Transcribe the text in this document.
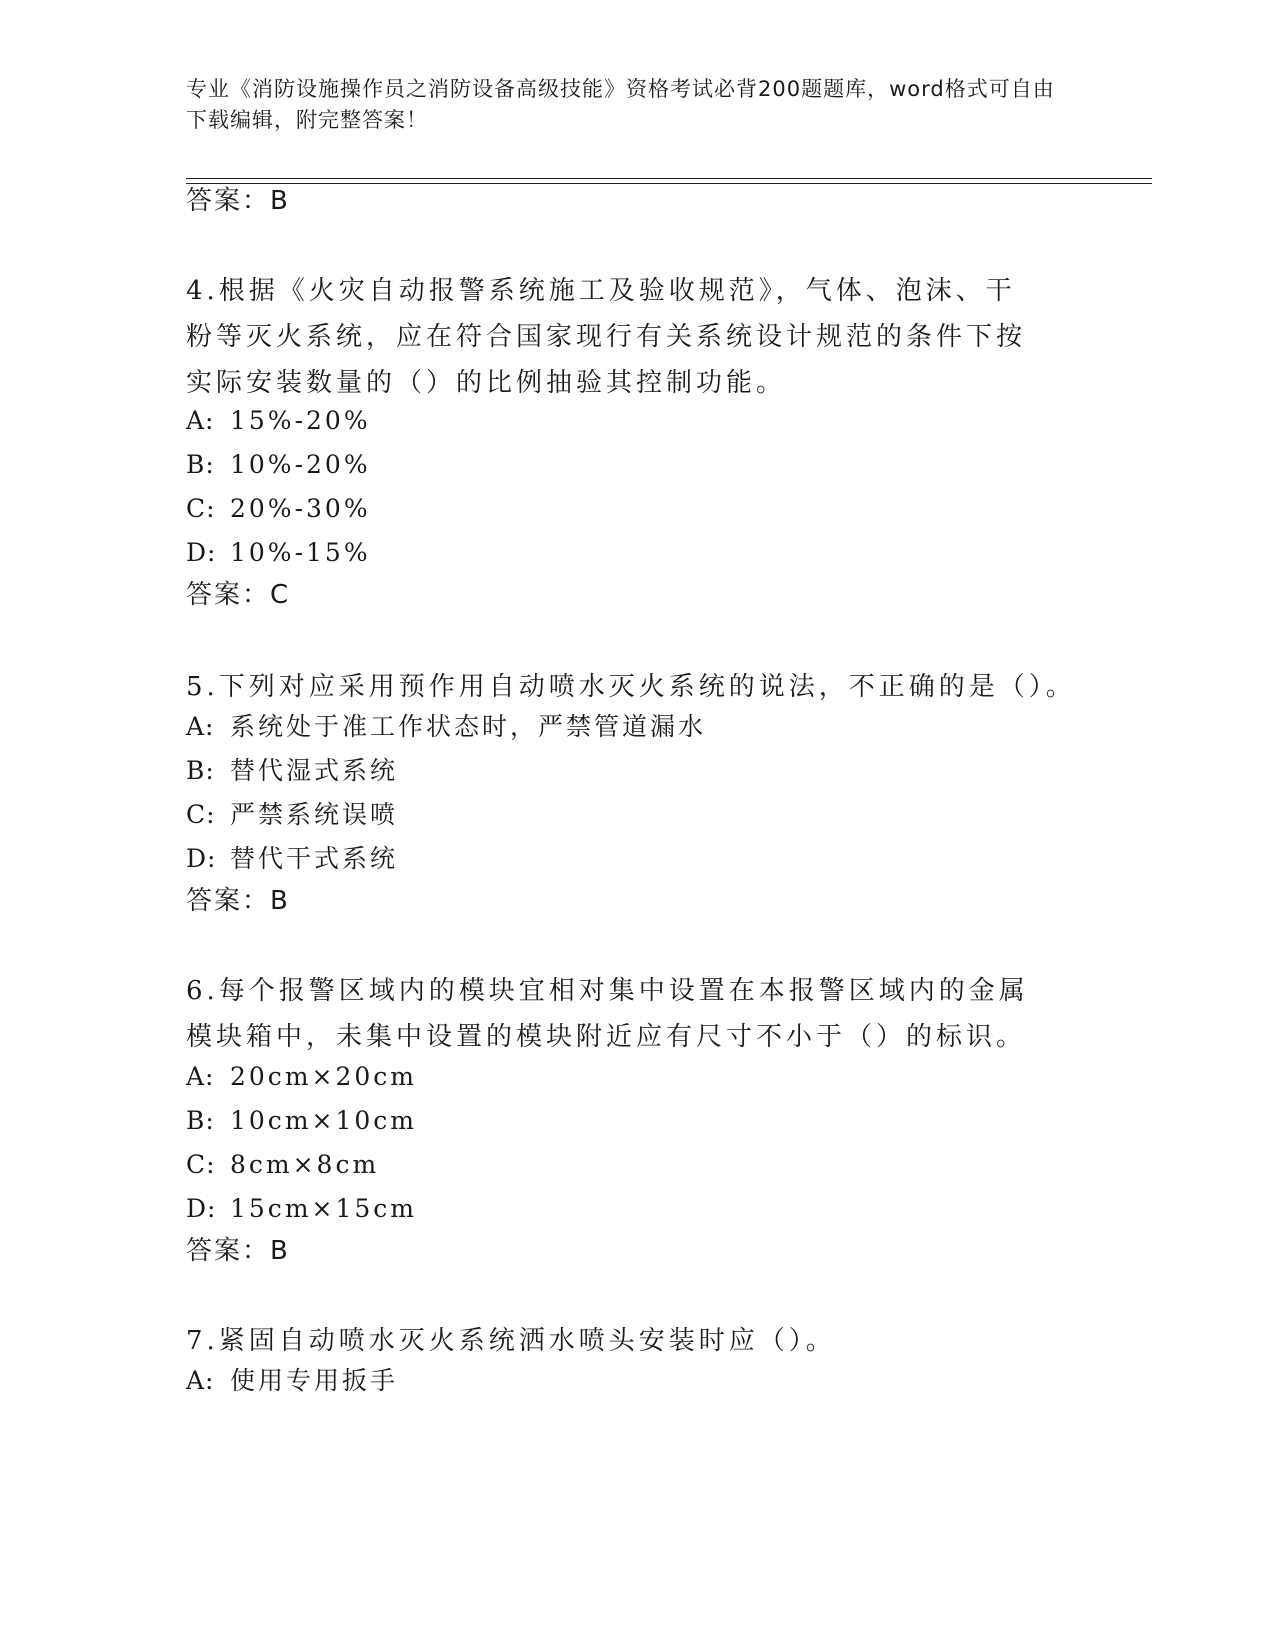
专业《消防设施操作员之消防设备高级技能》资格考试必背200题题库，word格式可自由下载编辑，附完整答案！
答案：B
4.根据《火灾自动报警系统施工及验收规范》，气体、泡沫、干粉等灭火系统，应在符合国家现行有关系统设计规范的条件下按实际安装数量的（）的比例抽验其控制功能。
A: 15%-20%
B: 10%-20%
C: 20%-30%
D: 10%-15%
答案：C
5.下列对应采用预作用自动喷水灭火系统的说法，不正确的是（）。
A: 系统处于准工作状态时，严禁管道漏水
B: 替代湿式系统
C: 严禁系统误喷
D: 替代干式系统
答案：B
6.每个报警区域内的模块宜相对集中设置在本报警区域内的金属模块箱中，未集中设置的模块附近应有尺寸不小于（）的标识。
A: 20cm×20cm
B: 10cm×10cm
C: 8cm×8cm
D: 15cm×15cm
答案：B
7.紧固自动喷水灭火系统洒水喷头安装时应（）。
A: 使用专用扳手
